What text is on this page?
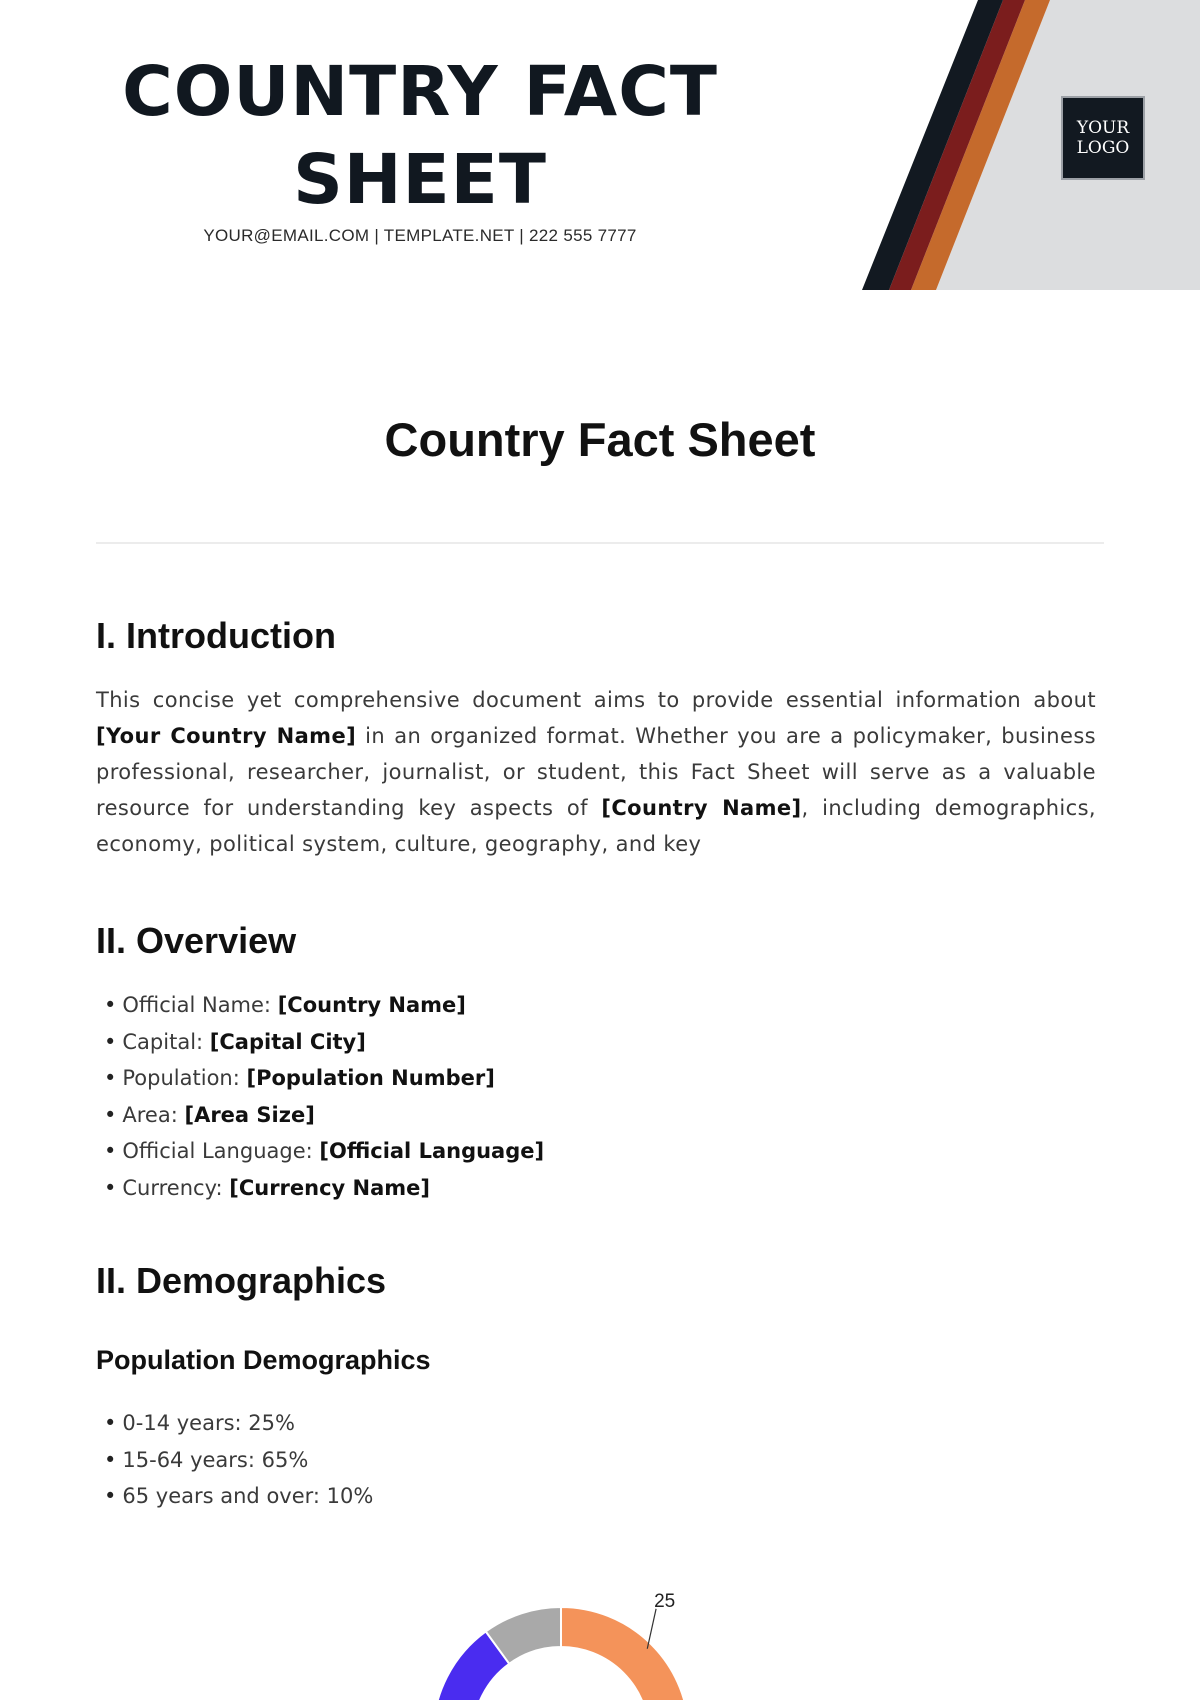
COUNTRY FACT
SHEET
YOUR@EMAIL.COM | TEMPLATE.NET | 222 555 7777
YOUR
LOGO
Country Fact Sheet
I. Introduction

This concise yet comprehensive document aims to provide essential information about [Your Country Name] in an organized format. Whether you are a policymaker, business professional, researcher, journalist, or student, this Fact Sheet will serve as a valuable resource for understanding key aspects of [Country Name], including demographics, economy, political system, culture, geography, and key

II. Overview
• Official Name: [Country Name]
• Capital: [Capital City]
• Population: [Population Number]
• Area: [Area Size]
• Official Language: [Official Language]
• Currency: [Currency Name]
II. Demographics
Population Demographics
• 0-14 years: 25%
• 15-64 years: 65%
• 65 years and over: 10%
25
